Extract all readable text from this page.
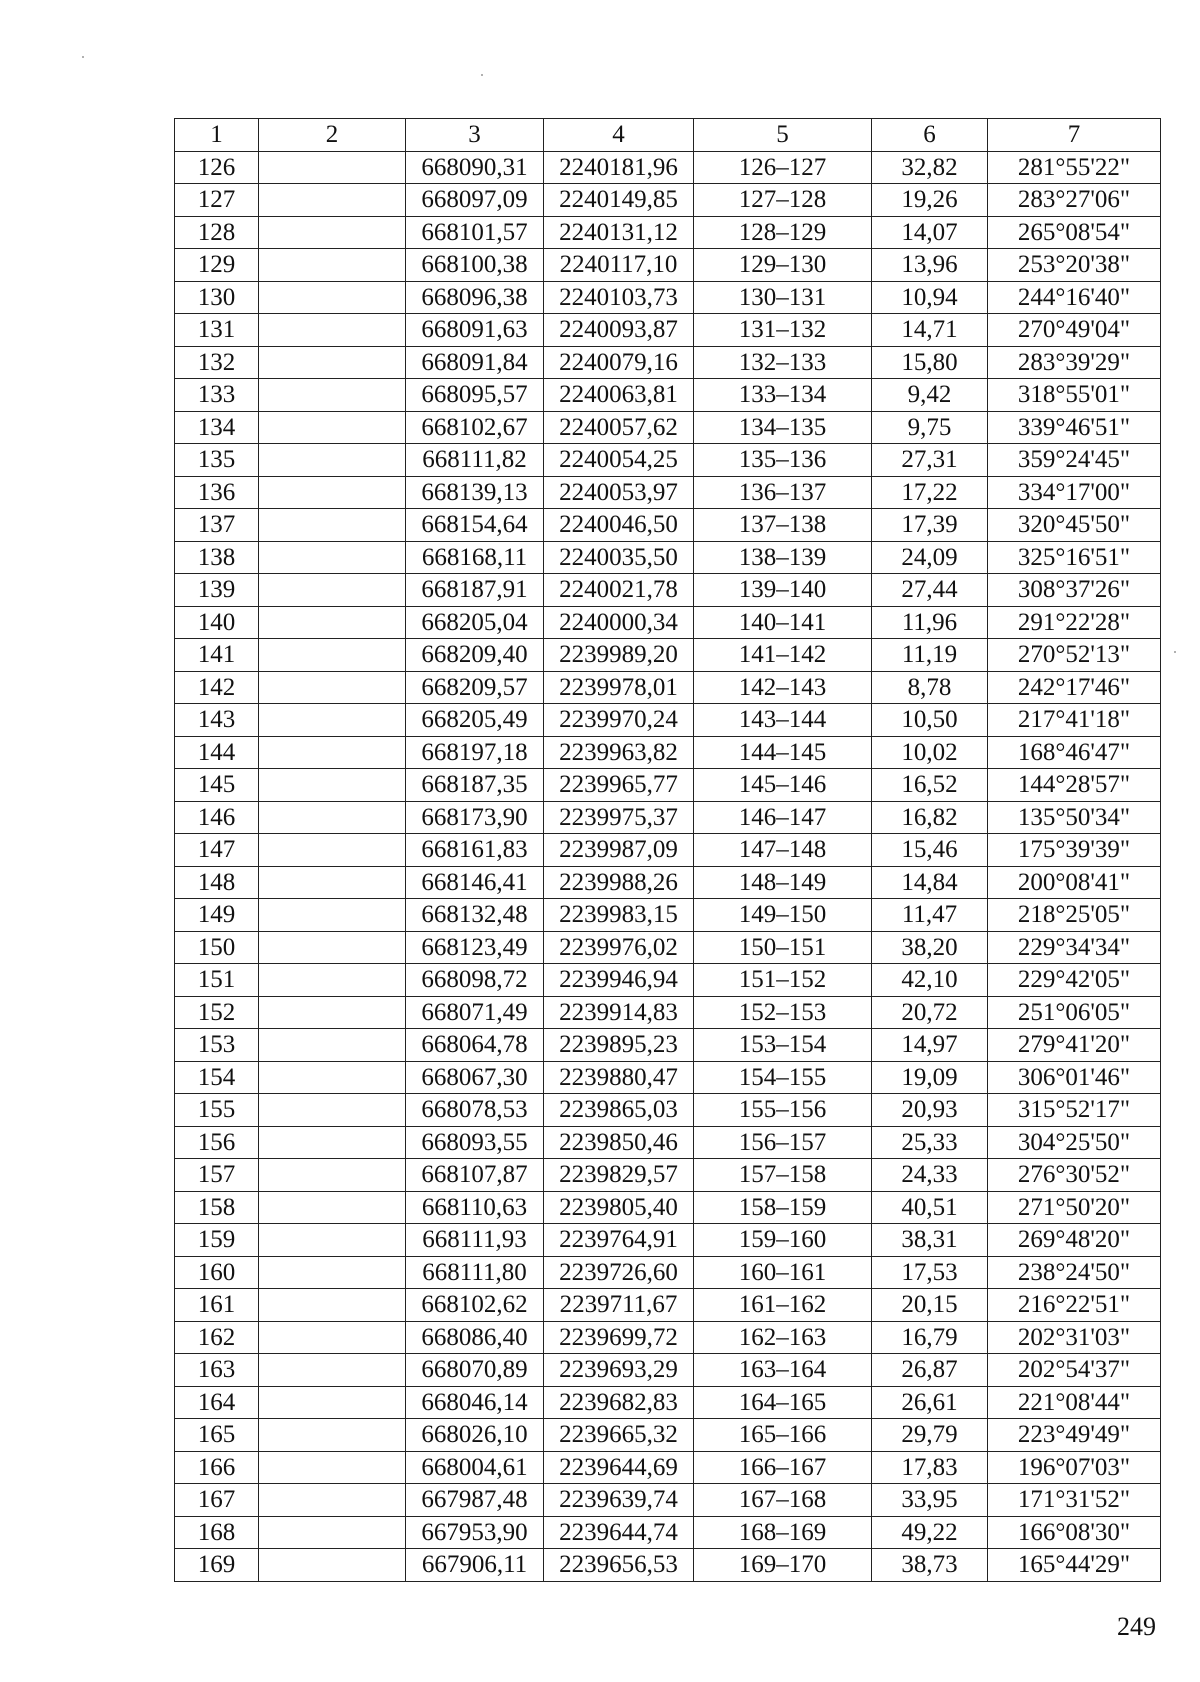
1	2	3	4	5	6	7
126		668090,31	2240181,96	126–127	32,82	281°55'22"
127		668097,09	2240149,85	127–128	19,26	283°27'06"
128		668101,57	2240131,12	128–129	14,07	265°08'54"
129		668100,38	2240117,10	129–130	13,96	253°20'38"
130		668096,38	2240103,73	130–131	10,94	244°16'40"
131		668091,63	2240093,87	131–132	14,71	270°49'04"
132		668091,84	2240079,16	132–133	15,80	283°39'29"
133		668095,57	2240063,81	133–134	9,42	318°55'01"
134		668102,67	2240057,62	134–135	9,75	339°46'51"
135		668111,82	2240054,25	135–136	27,31	359°24'45"
136		668139,13	2240053,97	136–137	17,22	334°17'00"
137		668154,64	2240046,50	137–138	17,39	320°45'50"
138		668168,11	2240035,50	138–139	24,09	325°16'51"
139		668187,91	2240021,78	139–140	27,44	308°37'26"
140		668205,04	2240000,34	140–141	11,96	291°22'28"
141		668209,40	2239989,20	141–142	11,19	270°52'13"
142		668209,57	2239978,01	142–143	8,78	242°17'46"
143		668205,49	2239970,24	143–144	10,50	217°41'18"
144		668197,18	2239963,82	144–145	10,02	168°46'47"
145		668187,35	2239965,77	145–146	16,52	144°28'57"
146		668173,90	2239975,37	146–147	16,82	135°50'34"
147		668161,83	2239987,09	147–148	15,46	175°39'39"
148		668146,41	2239988,26	148–149	14,84	200°08'41"
149		668132,48	2239983,15	149–150	11,47	218°25'05"
150		668123,49	2239976,02	150–151	38,20	229°34'34"
151		668098,72	2239946,94	151–152	42,10	229°42'05"
152		668071,49	2239914,83	152–153	20,72	251°06'05"
153		668064,78	2239895,23	153–154	14,97	279°41'20"
154		668067,30	2239880,47	154–155	19,09	306°01'46"
155		668078,53	2239865,03	155–156	20,93	315°52'17"
156		668093,55	2239850,46	156–157	25,33	304°25'50"
157		668107,87	2239829,57	157–158	24,33	276°30'52"
158		668110,63	2239805,40	158–159	40,51	271°50'20"
159		668111,93	2239764,91	159–160	38,31	269°48'20"
160		668111,80	2239726,60	160–161	17,53	238°24'50"
161		668102,62	2239711,67	161–162	20,15	216°22'51"
162		668086,40	2239699,72	162–163	16,79	202°31'03"
163		668070,89	2239693,29	163–164	26,87	202°54'37"
164		668046,14	2239682,83	164–165	26,61	221°08'44"
165		668026,10	2239665,32	165–166	29,79	223°49'49"
166		668004,61	2239644,69	166–167	17,83	196°07'03"
167		667987,48	2239639,74	167–168	33,95	171°31'52"
168		667953,90	2239644,74	168–169	49,22	166°08'30"
169		667906,11	2239656,53	169–170	38,73	165°44'29"
249
